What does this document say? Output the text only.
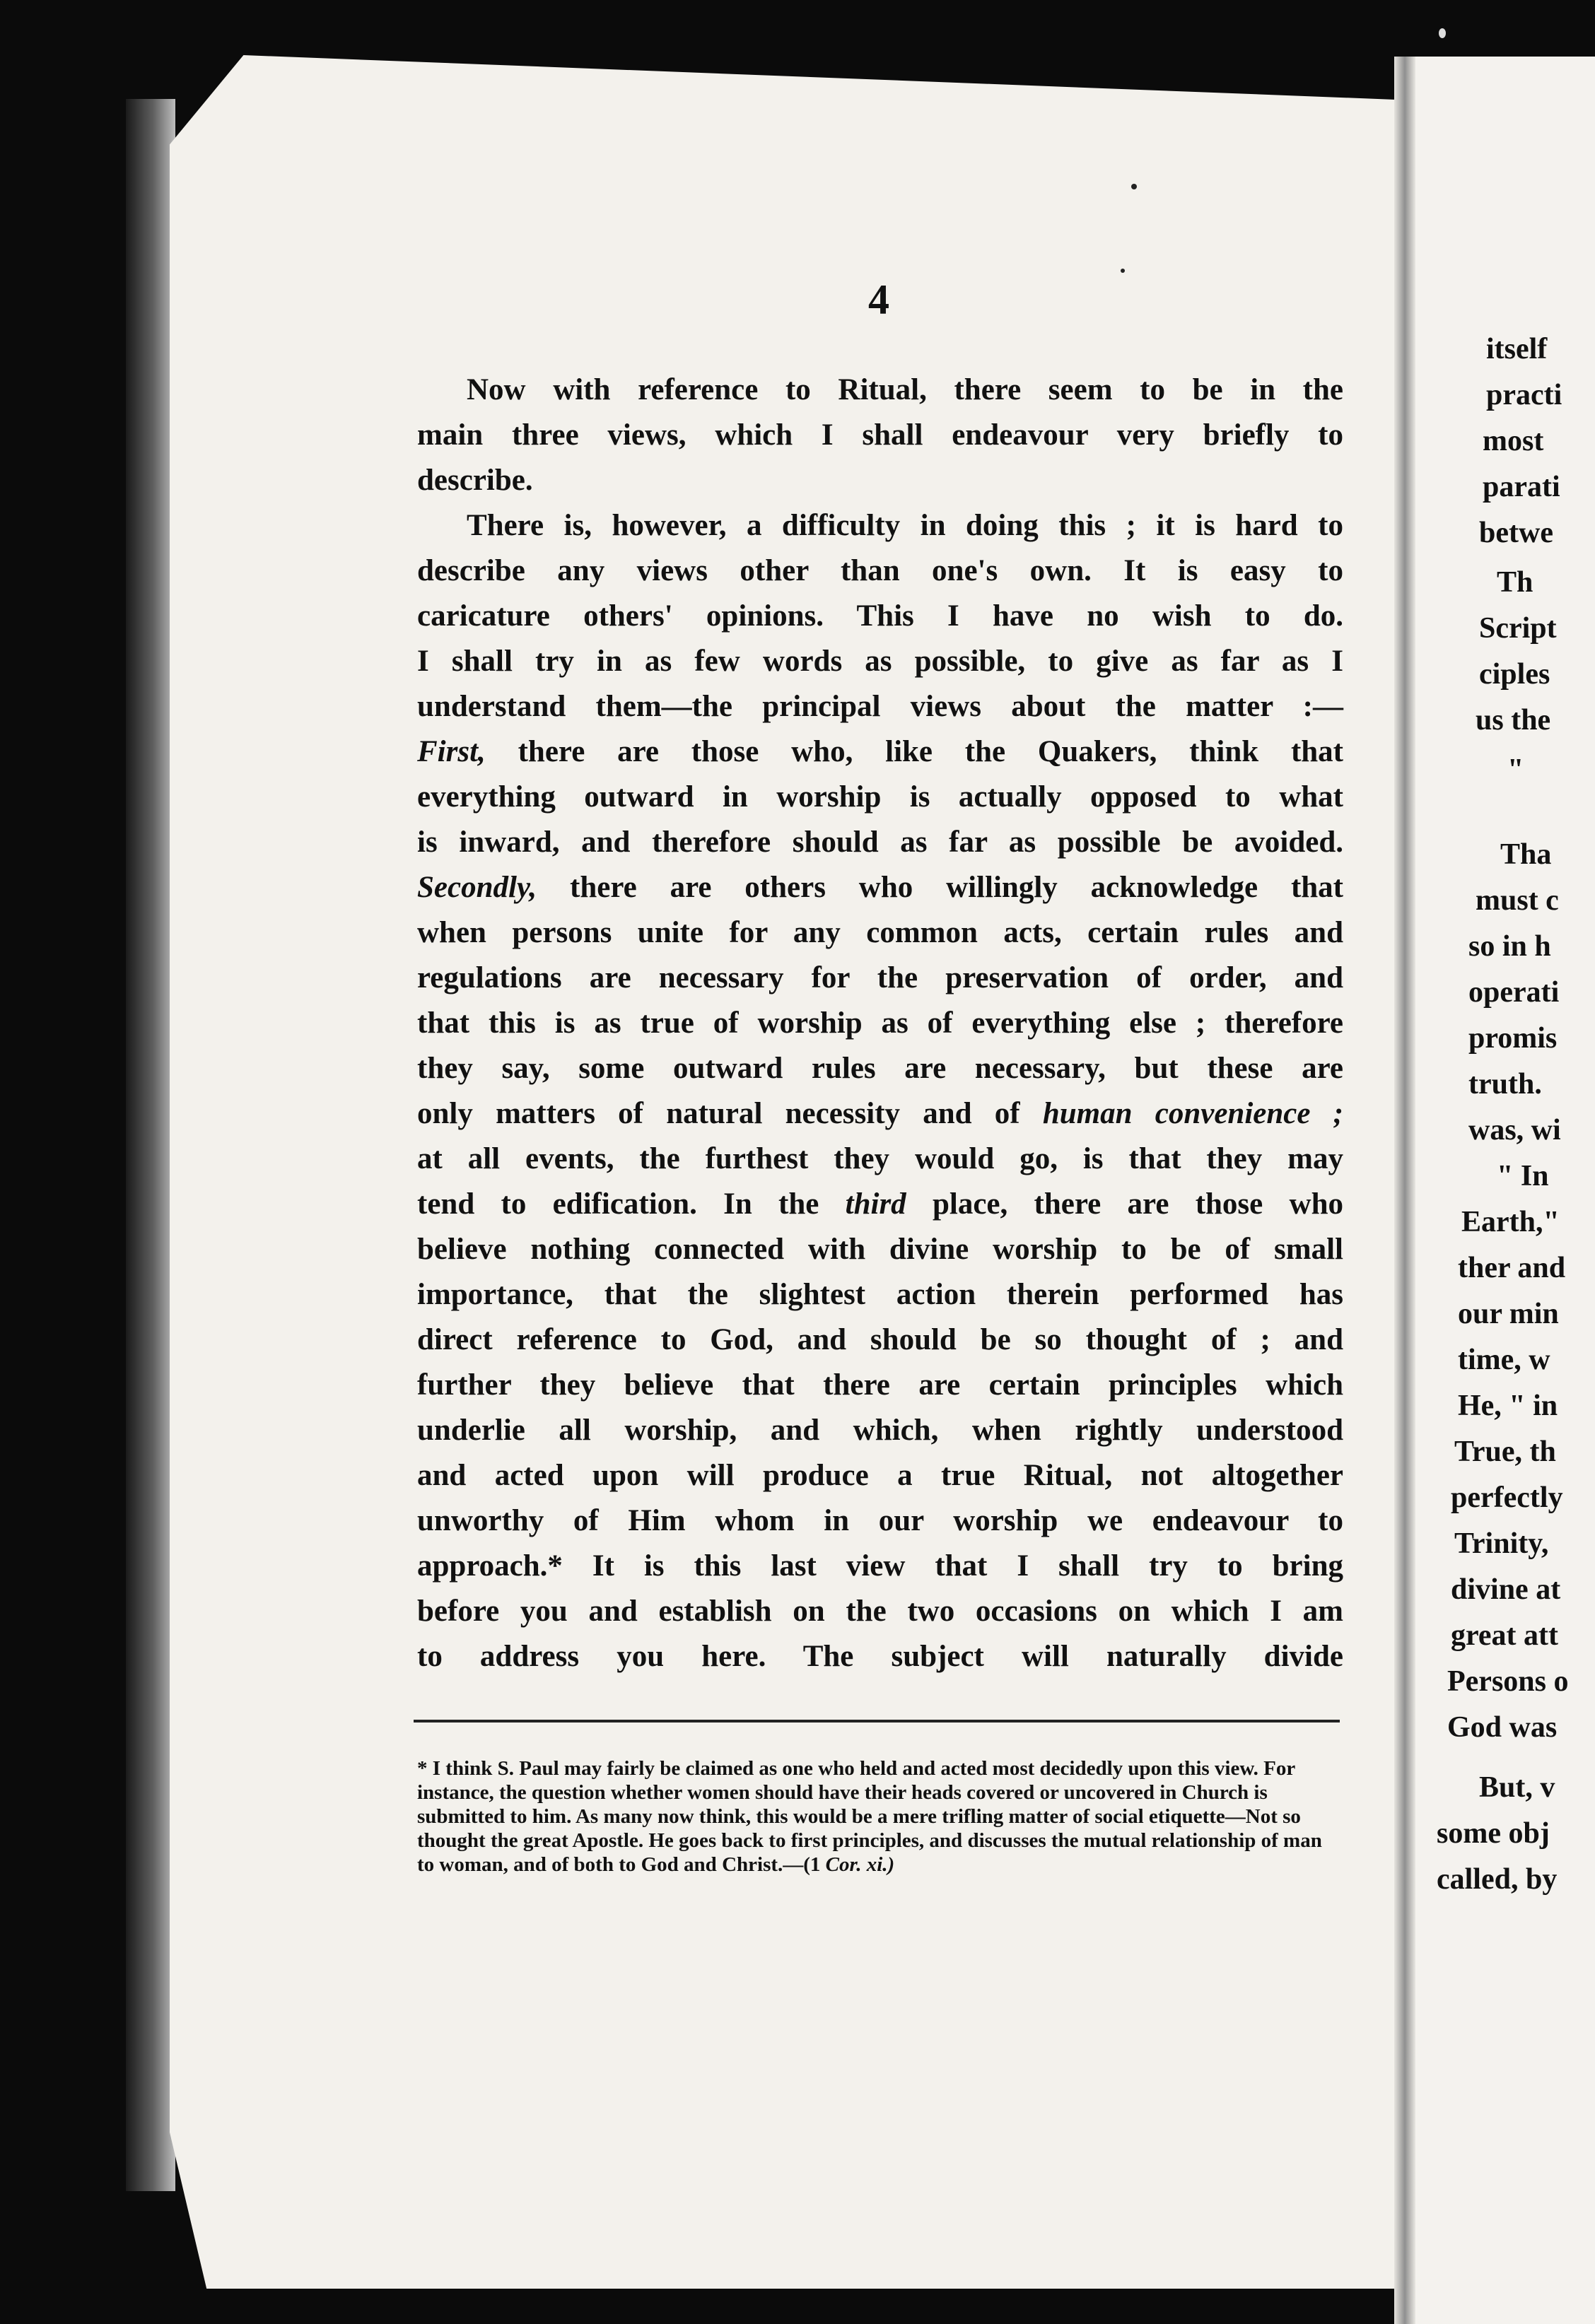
itself
practi
most
parati
betwe
Th
Script
ciples
us the
"
Tha
must c
so in h
operati
promis
truth.
was, wi
" In
Earth,"
ther and
our min
time, w
He, " in
True, th
perfectly
Trinity,
divine at
great att
Persons o
God was
But, v
some obj
called, by
4
Now with reference to Ritual, there seem to be in the
main three views, which I shall endeavour very briefly to
describe.
There is, however, a difficulty in doing this ; it is hard to
describe any views other than one's own. It is easy to
caricature others' opinions. This I have no wish to do.
I shall try in as few words as possible, to give as far as I
understand them—the principal views about the matter :—
First, there are those who, like the Quakers, think that
everything outward in worship is actually opposed to what
is inward, and therefore should as far as possible be avoided.
Secondly, there are others who willingly acknowledge that
when persons unite for any common acts, certain rules and
regulations are necessary for the preservation of order, and
that this is as true of worship as of everything else ; therefore
they say, some outward rules are necessary, but these are
only matters of natural necessity and of human convenience ;
at all events, the furthest they would go, is that they may
tend to edification. In the third place, there are those who
believe nothing connected with divine worship to be of small
importance, that the slightest action therein performed has
direct reference to God, and should be so thought of ; and
further they believe that there are certain principles which
underlie all worship, and which, when rightly understood
and acted upon will produce a true Ritual, not altogether
unworthy of Him whom in our worship we endeavour to
approach.* It is this last view that I shall try to bring
before you and establish on the two occasions on which I am
to address you here. The subject will naturally divide
* I think S. Paul may fairly be claimed as one who held and acted most decidedly upon this view. For instance, the question whether women should have their heads covered or uncovered in Church is submitted to him. As many now think, this would be a mere trifling matter of social etiquette—Not so thought the great Apostle. He goes back to first principles, and discusses the mutual relationship of man to woman, and of both to God and Christ.—(1 Cor. xi.)
